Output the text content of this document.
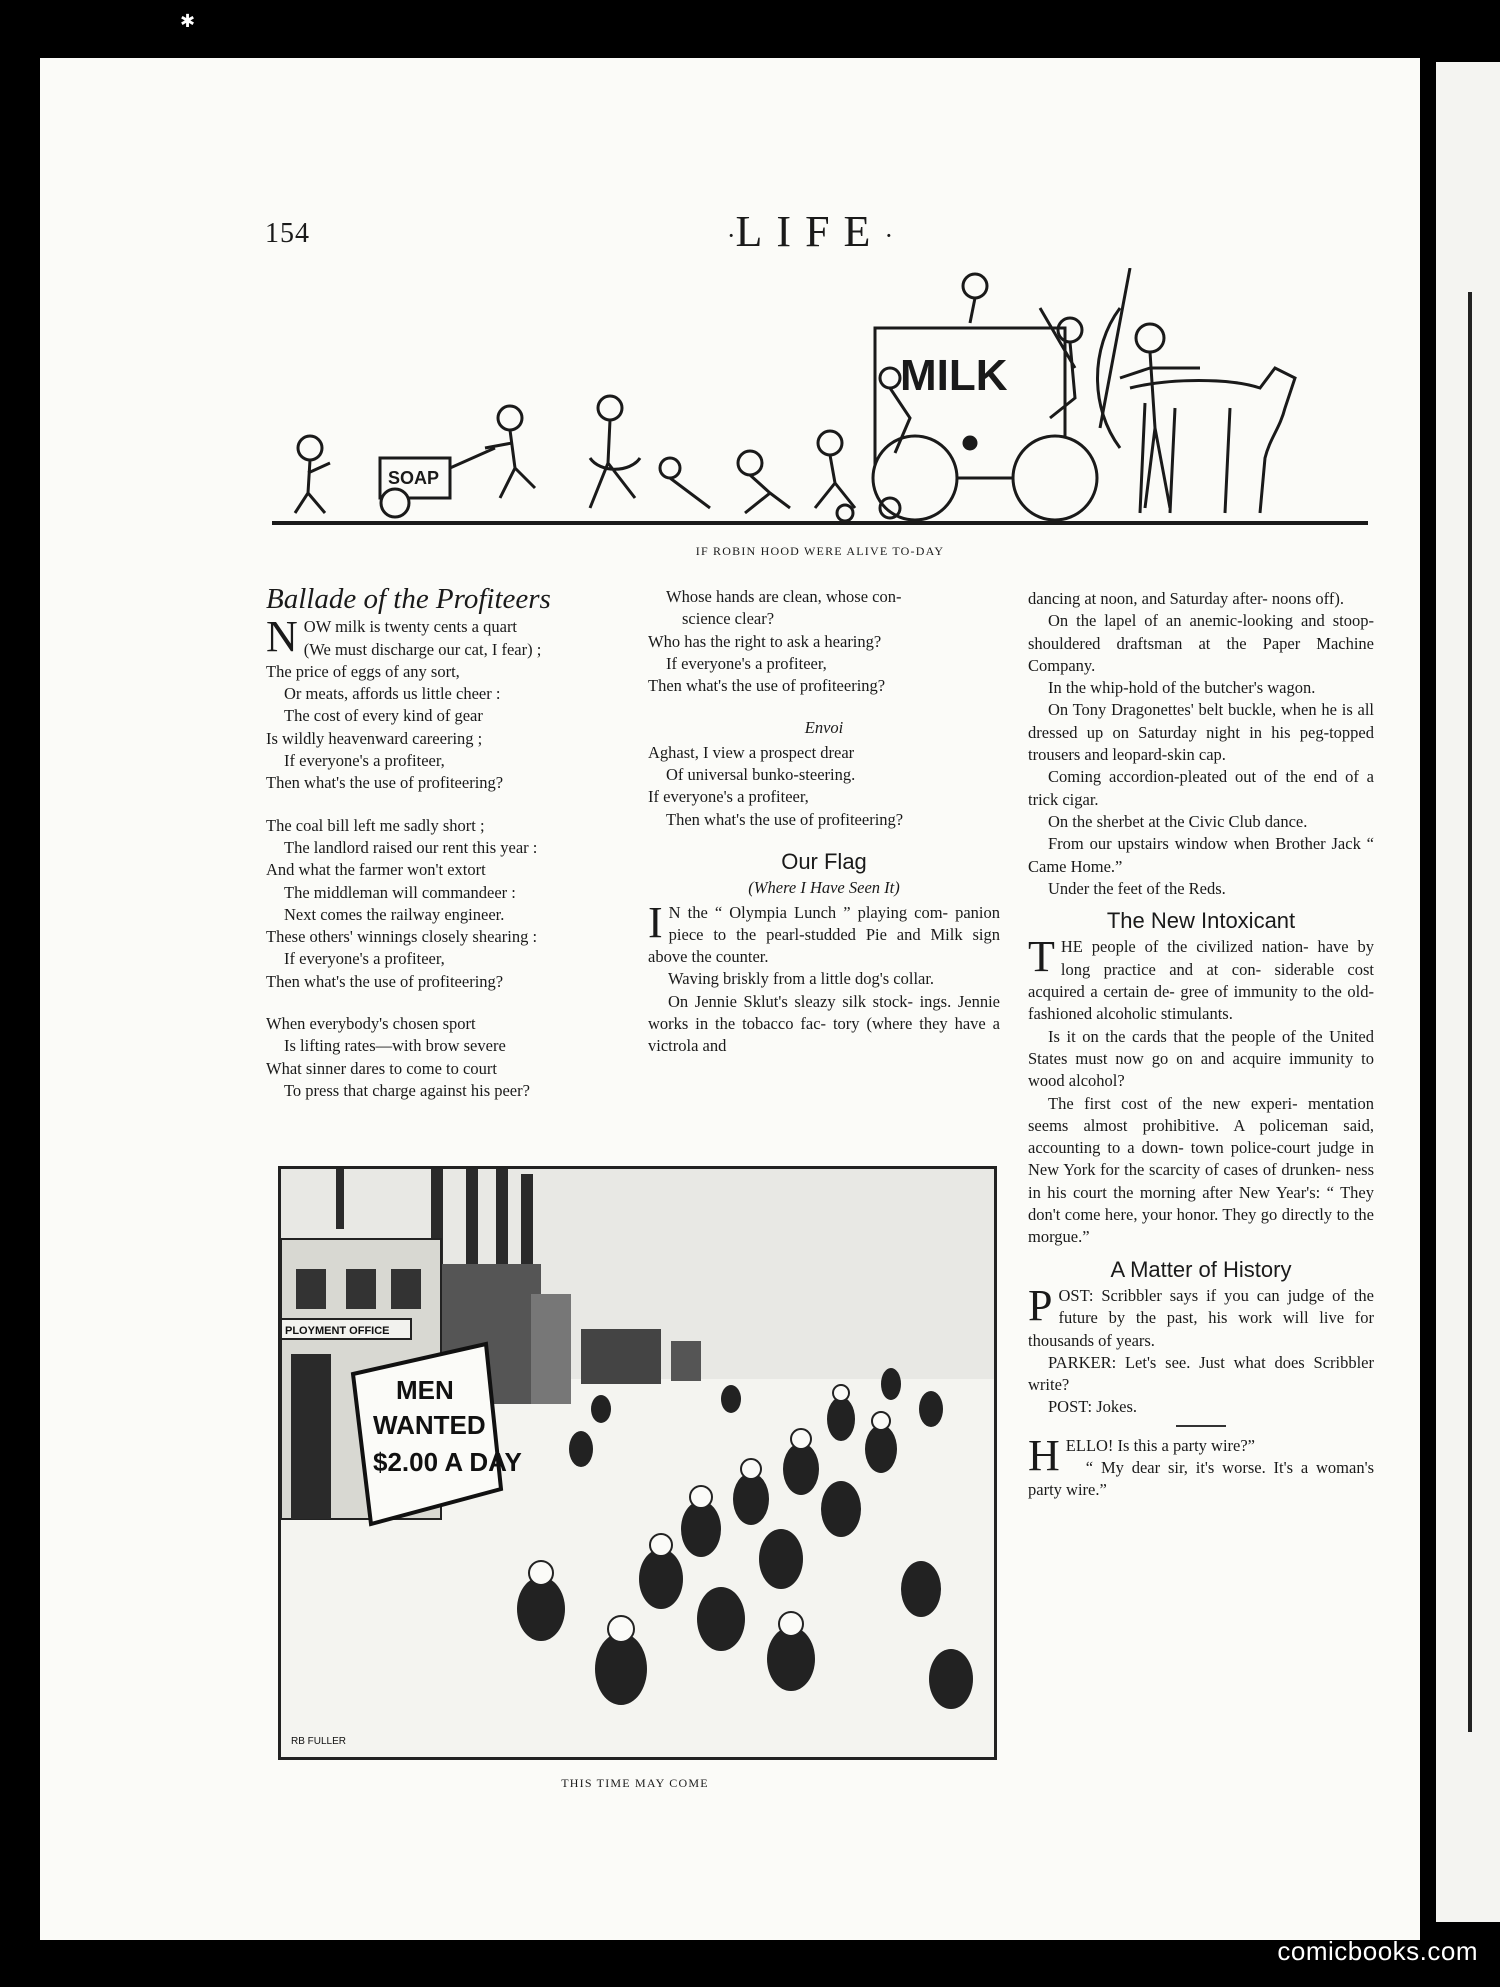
✱
154	·LIFE·
MILK
SOAP
IF ROBIN HOOD WERE ALIVE TO-DAY
Ballade of the Profiteers
N OW milk is twenty cents a quart
(We must discharge our cat, I fear) ;
The price of eggs of any sort,
Or meats, affords us little cheer :
The cost of every kind of gear
Is wildly heavenward careering ;
If everyone's a profiteer,
Then what's the use of profiteering?
The coal bill left me sadly short ;
The landlord raised our rent this year :
And what the farmer won't extort
The middleman will commandeer :
Next comes the railway engineer.
These others' winnings closely shearing :
If everyone's a profiteer,
Then what's the use of profiteering?
When everybody's chosen sport
Is lifting rates—with brow severe
What sinner dares to come to court
To press that charge against his peer?
Whose hands are clean, whose con-
science clear?
Who has the right to ask a hearing?
If everyone's a profiteer,
Then what's the use of profiteering?
Envoi
Aghast, I view a prospect drear
Of universal bunko-steering.
If everyone's a profiteer,
Then what's the use of profiteering?
Our Flag
(Where I Have Seen It)

I N the “ Olympia Lunch ” playing com- panion piece to the pearl-studded Pie and Milk sign above the counter.

Waving briskly from a little dog's collar.

On Jennie Sklut's sleazy silk stock- ings. Jennie works in the tobacco fac- tory (where they have a victrola and

dancing at noon, and Saturday after- noons off).

On the lapel of an anemic-looking and stoop-shouldered draftsman at the Paper Machine Company.

In the whip-hold of the butcher's wagon.

On Tony Dragonettes' belt buckle, when he is all dressed up on Saturday night in his peg-topped trousers and leopard-skin cap.

Coming accordion-pleated out of the end of a trick cigar.

On the sherbet at the Civic Club dance.

From our upstairs window when Brother Jack “ Came Home.”

Under the feet of the Reds.

The New Intoxicant

THE people of the civilized nation- have by long practice and at con- siderable cost acquired a certain de- gree of immunity to the old-fashioned alcoholic stimulants.

Is it on the cards that the people of the United States must now go on and acquire immunity to wood alcohol?

The first cost of the new experi- mentation seems almost prohibitive. A policeman said, accounting to a down- town police-court judge in New York for the scarcity of cases of drunken- ness in his court the morning after New Year's: “ They don't come here, your honor. They go directly to the morgue.”

A Matter of History

POST: Scribbler says if you can judge of the future by the past, his work will live for thousands of years.

PARKER: Let's see. Just what does Scribbler write?

POST: Jokes.

HELLO! Is this a party wire?”

“ My dear sir, it's worse. It's a woman's party wire.”

PLOYMENT OFFICE
MEN
WANTED
$2.00 A DAY
RB FULLER
THIS TIME MAY COME
comicbooks.com
